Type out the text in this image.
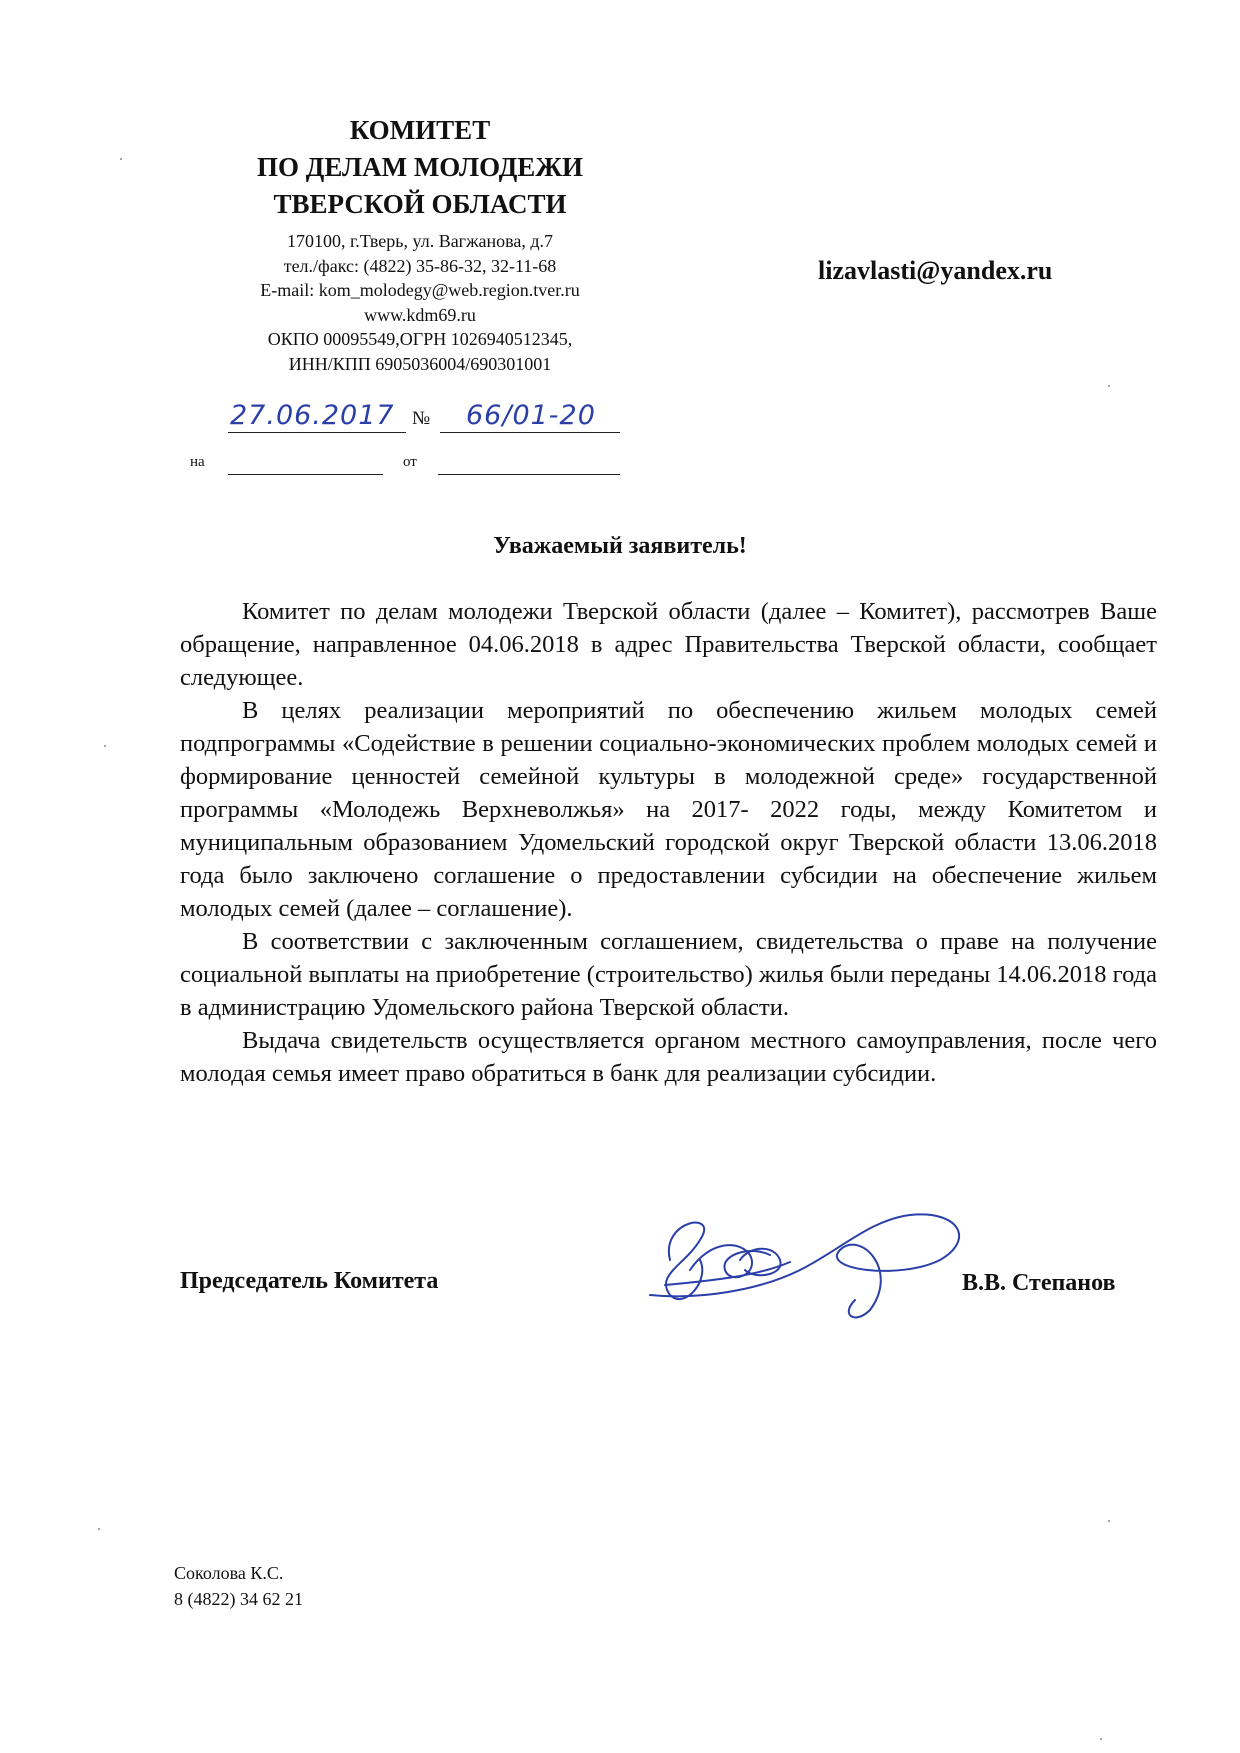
КОМИТЕТ
ПО ДЕЛАМ МОЛОДЕЖИ
ТВЕРСКОЙ ОБЛАСТИ
170100, г.Тверь, ул. Вагжанова, д.7
тел./факс: (4822) 35-86-32, 32-11-68
E-mail: kom_molodegy@web.region.tver.ru
www.kdm69.ru
ОКПО 00095549,ОГРН 1026940512345,
ИНН/КПП 6905036004/690301001
27.06.2017 № 66/01-20
на	от
lizavlasti@yandex.ru
Уважаемый заявитель!

Комитет по делам молодежи Тверской области (далее – Комитет), рассмотрев Ваше обращение, направленное 04.06.2018 в адрес Правительства Тверской области, сообщает следующее.

В целях реализации мероприятий по обеспечению жильем молодых семей подпрограммы «Содействие в решении социально-экономических проблем молодых семей и формирование ценностей семейной культуры в молодежной среде» государственной программы «Молодежь Верхневолжья» на 2017- 2022 годы, между Комитетом и муниципальным образованием Удомельский городской округ Тверской области 13.06.2018 года было заключено соглашение о предоставлении субсидии на обеспечение жильем молодых семей (далее – соглашение).

В соответствии с заключенным соглашением, свидетельства о праве на получение социальной выплаты на приобретение (строительство) жилья были переданы 14.06.2018 года в администрацию Удомельского района Тверской области.

Выдача свидетельств осуществляется органом местного самоуправления, после чего молодая семья имеет право обратиться в банк для реализации субсидии.

Председатель Комитета	В.В. Степанов
Соколова К.С.
8 (4822) 34 62 21
